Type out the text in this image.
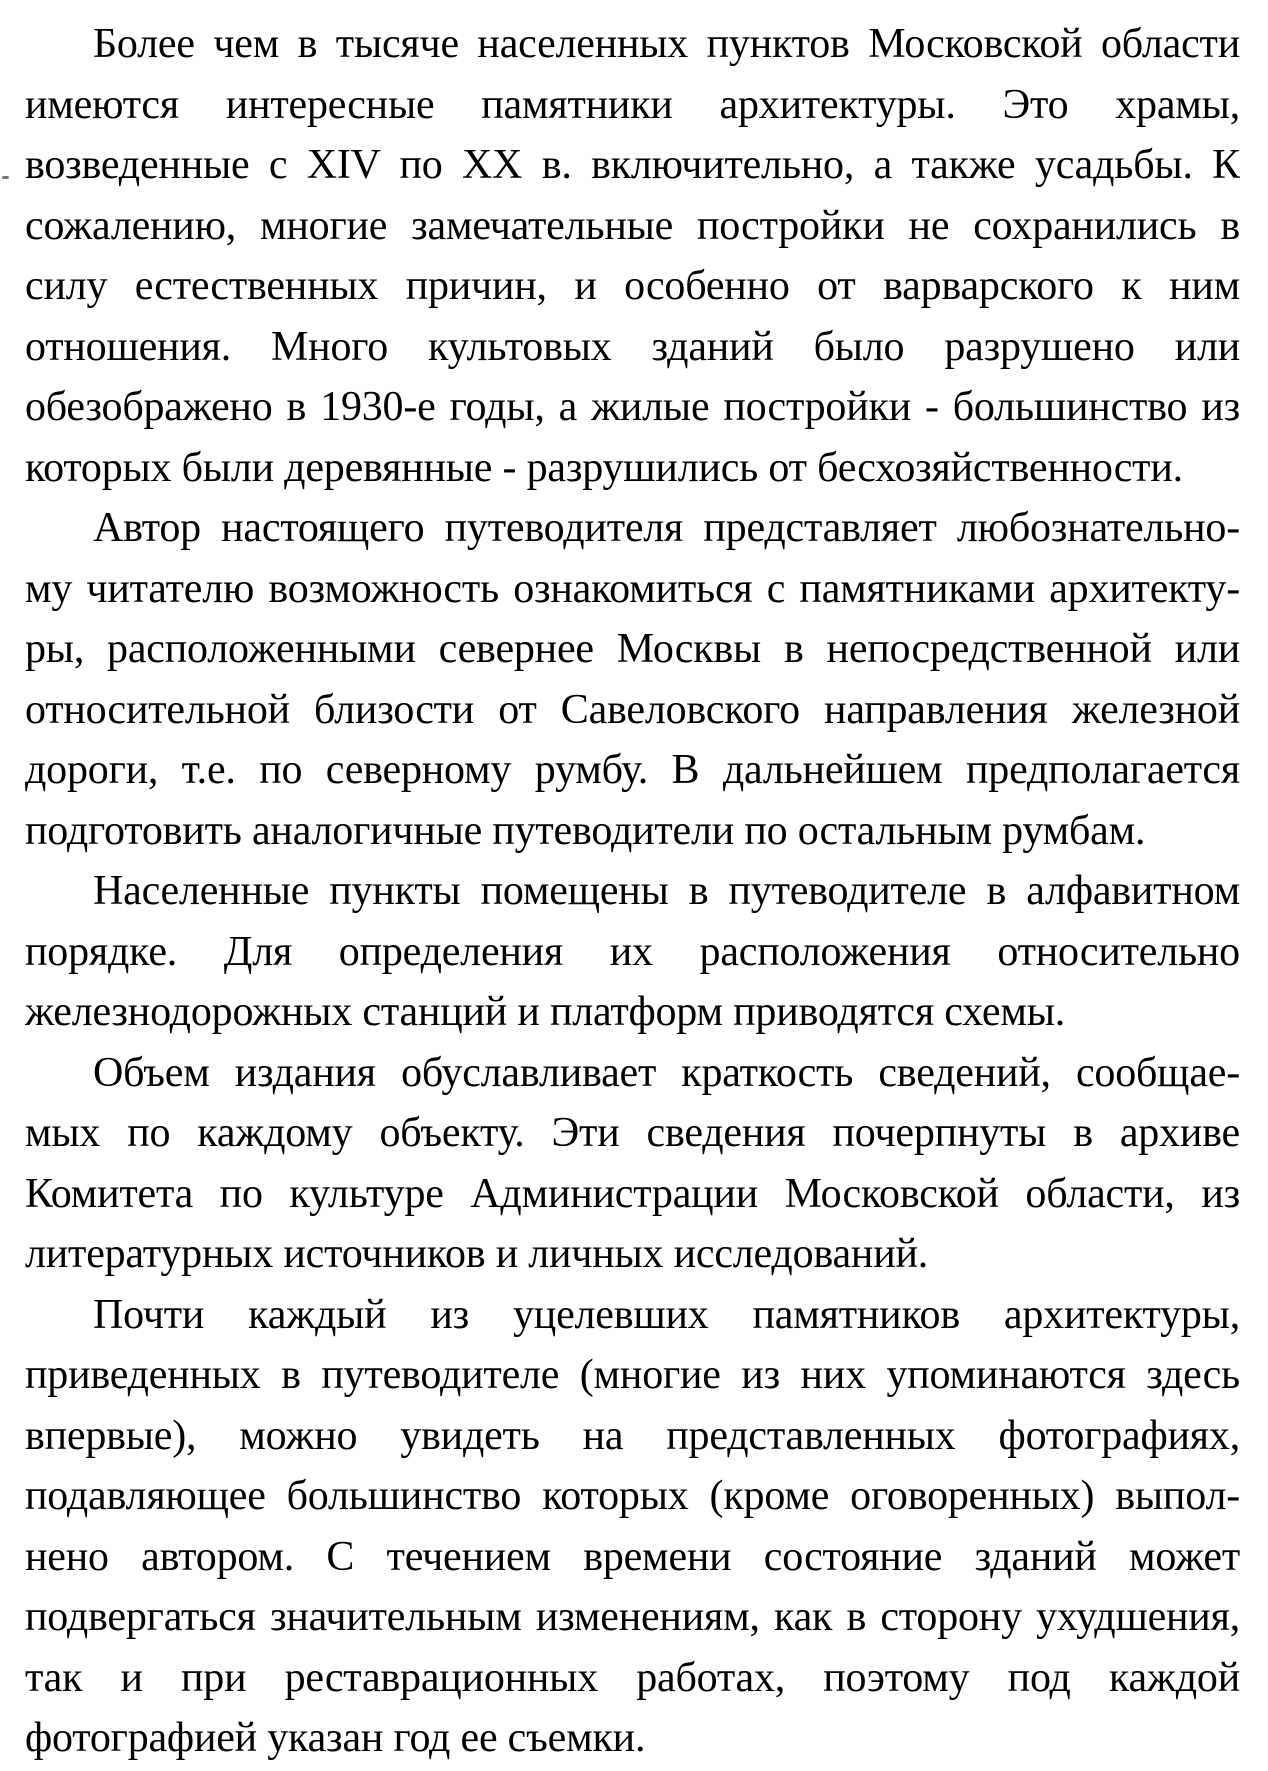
Более чем в тысяче населенных пунктов Московской области
имеются интересные памятники архитектуры. Это храмы,
возведенные с XIV по XX в. включительно, а также усадьбы. К
сожалению, многие замечательные постройки не сохранились в
силу естественных причин, и особенно от варварского к ним
отношения. Много культовых зданий было разрушено или
обезображено в 1930-е годы, а жилые постройки - большинство из
которых были деревянные - разрушились от бесхозяйственности.
Автор настоящего путеводителя представляет любознательно-
му читателю возможность ознакомиться с памятниками архитекту-
ры, расположенными севернее Москвы в непосредственной или
относительной близости от Савеловского направления железной
дороги, т.е. по северному румбу. В дальнейшем предполагается
подготовить аналогичные путеводители по остальным румбам.
Населенные пункты помещены в путеводителе в алфавитном
порядке. Для определения их расположения относительно
железнодорожных станций и платформ приводятся схемы.
Объем издания обуславливает краткость сведений, сообщае-
мых по каждому объекту. Эти сведения почерпнуты в архиве
Комитета по культуре Администрации Московской области, из
литературных источников и личных исследований.
Почти каждый из уцелевших памятников архитектуры,
приведенных в путеводителе (многие из них упоминаются здесь
впервые), можно увидеть на представленных фотографиях,
подавляющее большинство которых (кроме оговоренных) выпол-
нено автором. С течением времени состояние зданий может
подвергаться значительным изменениям, как в сторону ухудшения,
так и при реставрационных работах, поэтому под каждой
фотографией указан год ее съемки.
